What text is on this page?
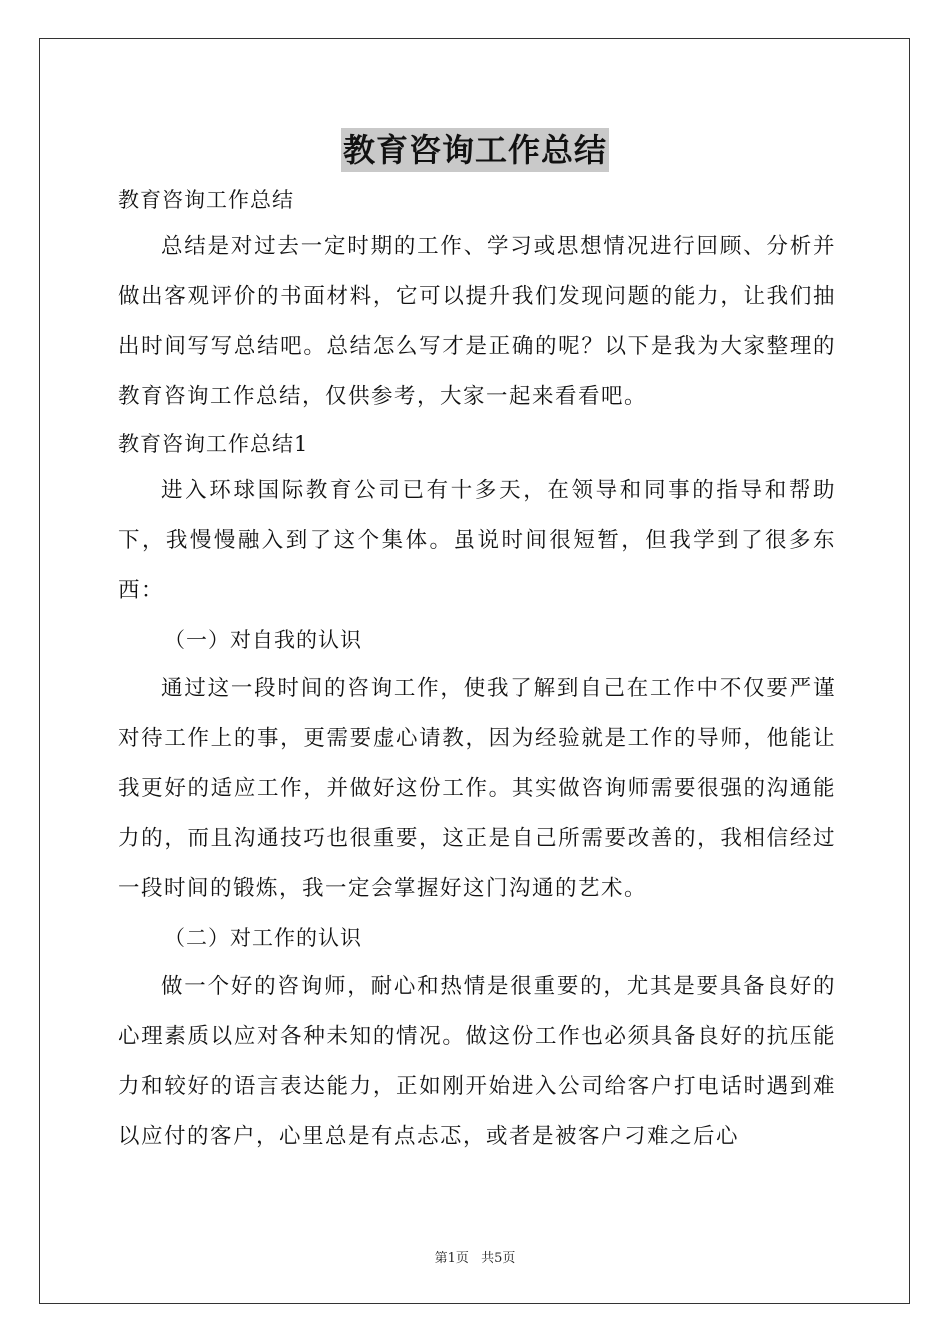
教育咨询工作总结

教育咨询工作总结

总结是对过去一定时期的工作、学习或思想情况进行回顾、分析并做出客观评价的书面材料，它可以提升我们发现问题的能力，让我们抽出时间写写总结吧。总结怎么写才是正确的呢？以下是我为大家整理的教育咨询工作总结，仅供参考，大家一起来看看吧。

教育咨询工作总结1

进入环球国际教育公司已有十多天，在领导和同事的指导和帮助下，我慢慢融入到了这个集体。虽说时间很短暂，但我学到了很多东西：

（一）对自我的认识

通过这一段时间的咨询工作，使我了解到自己在工作中不仅要严谨对待工作上的事，更需要虚心请教，因为经验就是工作的导师，他能让我更好的适应工作，并做好这份工作。其实做咨询师需要很强的沟通能力的，而且沟通技巧也很重要，这正是自己所需要改善的，我相信经过一段时间的锻炼，我一定会掌握好这门沟通的艺术。

（二）对工作的认识

做一个好的咨询师，耐心和热情是很重要的，尤其是要具备良好的心理素质以应对各种未知的情况。做这份工作也必须具备良好的抗压能力和较好的语言表达能力，正如刚开始进入公司给客户打电话时遇到难以应付的客户，心里总是有点忐忑，或者是被客户刁难之后心

第1页 共5页
